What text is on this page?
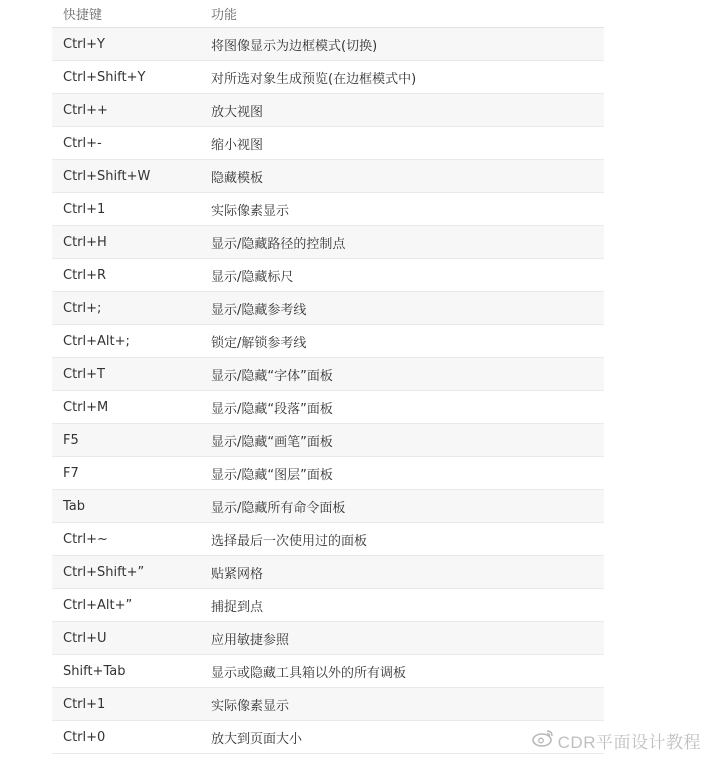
快捷键	功能
Ctrl+Y	将图像显示为边框模式(切换)
Ctrl+Shift+Y	对所选对象生成预览(在边框模式中)
Ctrl++	放大视图
Ctrl+-	缩小视图
Ctrl+Shift+W	隐藏模板
Ctrl+1	实际像素显示
Ctrl+H	显示/隐藏路径的控制点
Ctrl+R	显示/隐藏标尺
Ctrl+;	显示/隐藏参考线
Ctrl+Alt+;	锁定/解锁参考线
Ctrl+T	显示/隐藏“字体”面板
Ctrl+M	显示/隐藏“段落”面板
F5	显示/隐藏“画笔”面板
F7	显示/隐藏“图层”面板
Tab	显示/隐藏所有命令面板
Ctrl+~	选择最后一次使用过的面板
Ctrl+Shift+”	贴紧网格
Ctrl+Alt+”	捕捉到点
Ctrl+U	应用敏捷参照
Shift+Tab	显示或隐藏工具箱以外的所有调板
Ctrl+1	实际像素显示
Ctrl+0	放大到页面大小	CDR平面设计教程
